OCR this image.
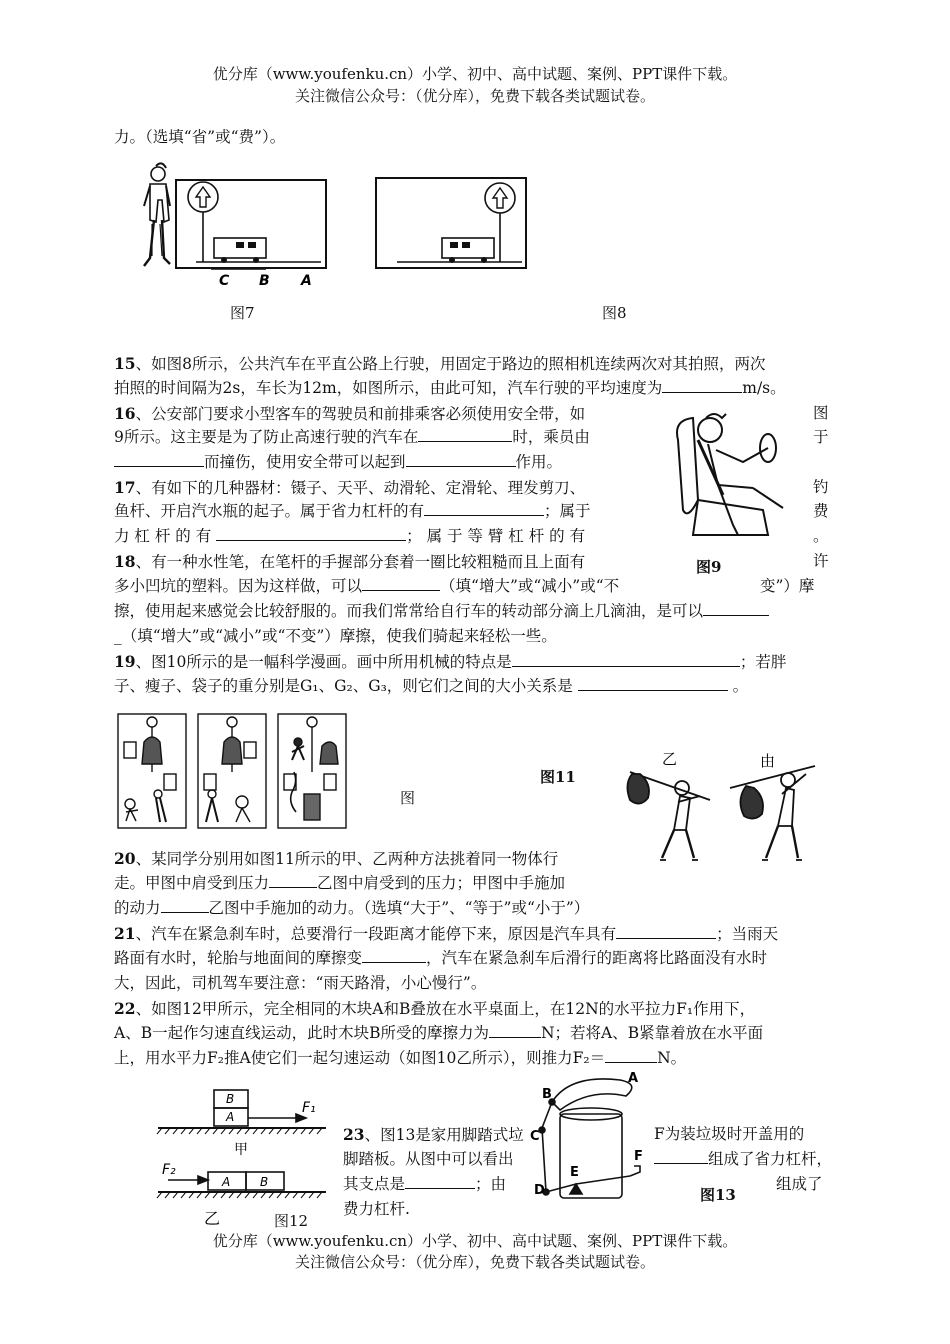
优分库（www.youfenku.cn）小学、初中、高中试题、案例、PPT课件下载。
关注微信公众号：（优分库），免费下载各类试题试卷。
力。（选填“省”或“费”）。
C B A
图7	图8
15、如图8所示，公共汽车在平直公路上行驶，用固定于路边的照相机连续两次对其拍照，两次
拍照的时间隔为2s，车长为12m，如图所示，由此可知，汽车行驶的平均速度为	m/s。
16、公安部门要求小型客车的驾驶员和前排乘客必须使用安全带，如	图
9所示。这主要是为了防止高速行驶的汽车在	时，乘员由	于
而撞伤，使用安全带可以起到	作用。
图9
17、有如下的几种器材：镊子、天平、动滑轮、定滑轮、理发剪刀、	钓
鱼杆、开启汽水瓶的起子。属于省力杠杆的有	；属于	费
力 杠 杆 的 有	； 属 于 等 臂 杠 杆 的 有	。
18、有一种水性笔，在笔杆的手握部分套着一圈比较粗糙而且上面有	许
多小凹坑的塑料。因为这样做，可以	（填“增大”或“减小”或“不	变”）摩
擦，使用起来感觉会比较舒服的。而我们常常给自行车的转动部分滴上几滴油，是可以
_（填“增大”或“减小”或“不变”）摩擦，使我们骑起来轻松一些。
19、图10所示的是一幅科学漫画。画中所用机械的特点是	；若胖
子、瘦子、袋子的重分别是G₁、G₂、G₃，则它们之间的大小关系是	。
图
图11
乙	由
20、某同学分别用如图11所示的甲、乙两种方法挑着同一物体行
走。甲图中肩受到压力	乙图中肩受到的压力；甲图中手施加
的动力	乙图中手施加的动力。（选填“大于”、“等于”或“小于”）
21、汽车在紧急刹车时，总要滑行一段距离才能停下来，原因是汽车具有	；当雨天
路面有水时，轮胎与地面间的摩擦变	，汽车在紧急刹车后滑行的距离将比路面没有水时
大，因此，司机驾车要注意：“雨天路滑，小心慢行”。
22、如图12甲所示，完全相同的木块A和B叠放在水平桌面上，在12N的水平拉力F₁作用下，
A、B一起作匀速直线运动，此时木块B所受的摩擦力为	N；若将A、B紧靠着放在水平面
上，用水平力F₂推A使它们一起匀速运动（如图10乙所示），则推力F₂＝	N。
B
A
F₁
甲
F₂
A B
乙	图12
A
B
C
D
E
F
图13
23、图13是家用脚踏式垃	F为装垃圾时开盖用的
脚踏板。从图中可以看出	组成了省力杠杆，
其支点是	；由	组成了
费力杠杆.
优分库（www.youfenku.cn）小学、初中、高中试题、案例、PPT课件下载。
关注微信公众号：（优分库），免费下载各类试题试卷。
